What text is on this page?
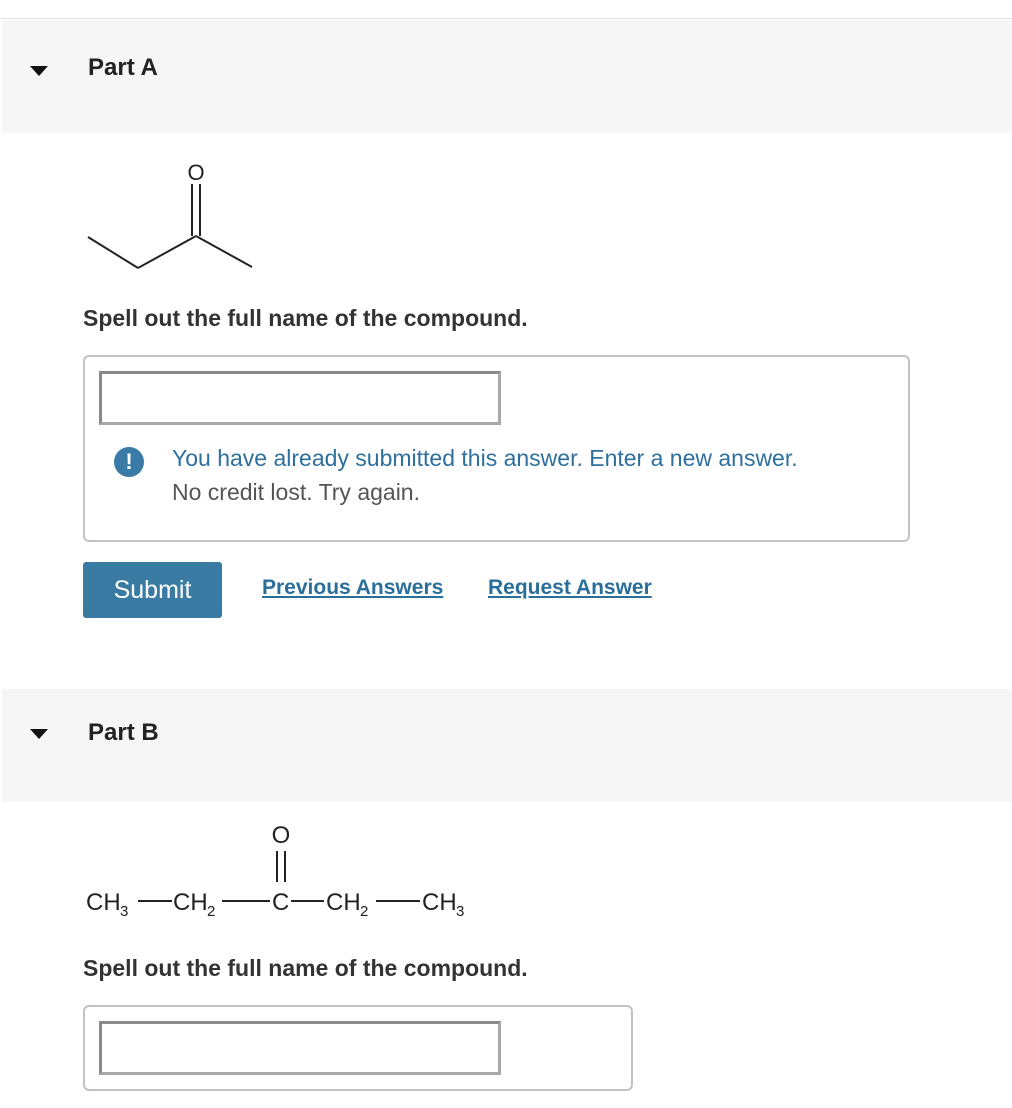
Part A
O
Spell out the full name of the compound.
!	You have already submitted this answer. Enter a new answer.
No credit lost. Try again.
Submit	Previous Answers Request Answer
Part B
O
CH 3 CH 2 C CH 2 CH 3
Spell out the full name of the compound.
